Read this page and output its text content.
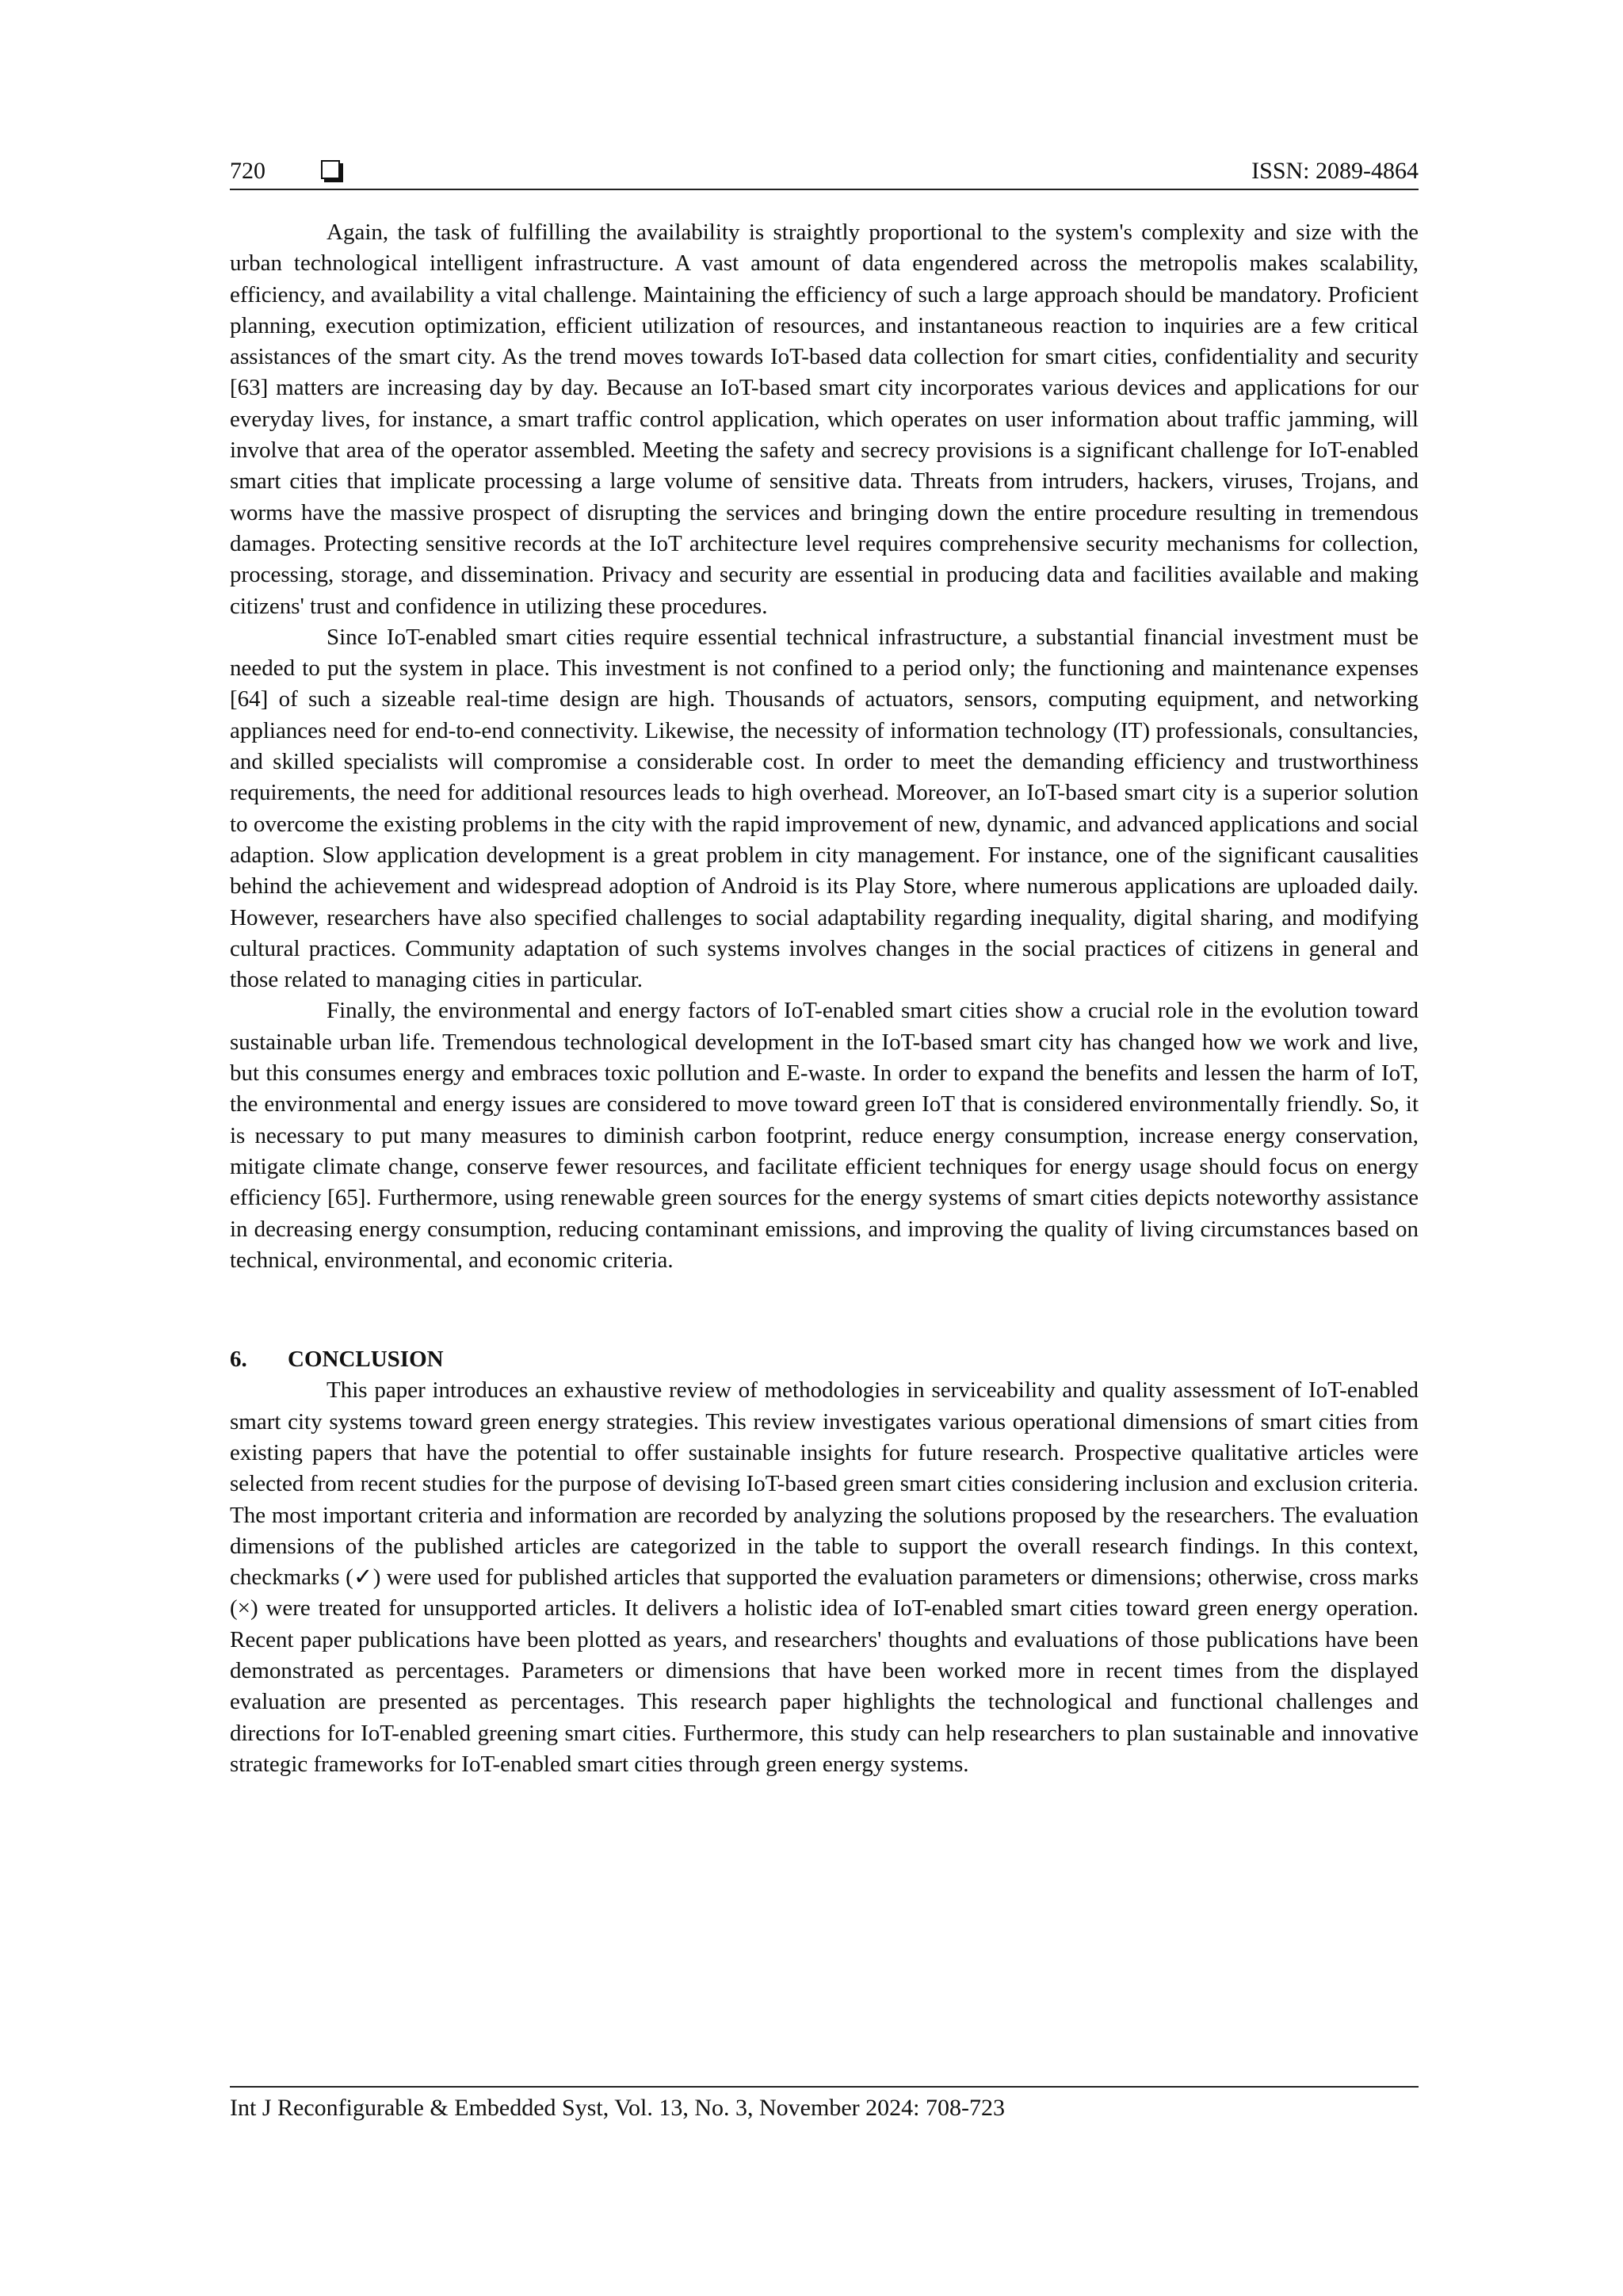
720	ISSN: 2089-4864

Again, the task of fulfilling the availability is straightly proportional to the system's complexity and size with the urban technological intelligent infrastructure. A vast amount of data engendered across the metropolis makes scalability, efficiency, and availability a vital challenge. Maintaining the efficiency of such a large approach should be mandatory. Proficient planning, execution optimization, efficient utilization of resources, and instantaneous reaction to inquiries are a few critical assistances of the smart city. As the trend moves towards IoT-based data collection for smart cities, confidentiality and security [63] matters are increasing day by day. Because an IoT-based smart city incorporates various devices and applications for our everyday lives, for instance, a smart traffic control application, which operates on user information about traffic jamming, will involve that area of the operator assembled. Meeting the safety and secrecy provisions is a significant challenge for IoT-enabled smart cities that implicate processing a large volume of sensitive data. Threats from intruders, hackers, viruses, Trojans, and worms have the massive prospect of disrupting the services and bringing down the entire procedure resulting in tremendous damages. Protecting sensitive records at the IoT architecture level requires comprehensive security mechanisms for collection, processing, storage, and dissemination. Privacy and security are essential in producing data and facilities available and making citizens' trust and confidence in utilizing these procedures.

Since IoT-enabled smart cities require essential technical infrastructure, a substantial financial investment must be needed to put the system in place. This investment is not confined to a period only; the functioning and maintenance expenses [64] of such a sizeable real-time design are high. Thousands of actuators, sensors, computing equipment, and networking appliances need for end-to-end connectivity. Likewise, the necessity of information technology (IT) professionals, consultancies, and skilled specialists will compromise a considerable cost. In order to meet the demanding efficiency and trustworthiness requirements, the need for additional resources leads to high overhead. Moreover, an IoT-based smart city is a superior solution to overcome the existing problems in the city with the rapid improvement of new, dynamic, and advanced applications and social adaption. Slow application development is a great problem in city management. For instance, one of the significant causalities behind the achievement and widespread adoption of Android is its Play Store, where numerous applications are uploaded daily. However, researchers have also specified challenges to social adaptability regarding inequality, digital sharing, and modifying cultural practices. Community adaptation of such systems involves changes in the social practices of citizens in general and those related to managing cities in particular.

Finally, the environmental and energy factors of IoT-enabled smart cities show a crucial role in the evolution toward sustainable urban life. Tremendous technological development in the IoT-based smart city has changed how we work and live, but this consumes energy and embraces toxic pollution and E-waste. In order to expand the benefits and lessen the harm of IoT, the environmental and energy issues are considered to move toward green IoT that is considered environmentally friendly. So, it is necessary to put many measures to diminish carbon footprint, reduce energy consumption, increase energy conservation, mitigate climate change, conserve fewer resources, and facilitate efficient techniques for energy usage should focus on energy efficiency [65]. Furthermore, using renewable green sources for the energy systems of smart cities depicts noteworthy assistance in decreasing energy consumption, reducing contaminant emissions, and improving the quality of living circumstances based on technical, environmental, and economic criteria.

6. CONCLUSION

This paper introduces an exhaustive review of methodologies in serviceability and quality assessment of IoT-enabled smart city systems toward green energy strategies. This review investigates various operational dimensions of smart cities from existing papers that have the potential to offer sustainable insights for future research. Prospective qualitative articles were selected from recent studies for the purpose of devising IoT-based green smart cities considering inclusion and exclusion criteria. The most important criteria and information are recorded by analyzing the solutions proposed by the researchers. The evaluation dimensions of the published articles are categorized in the table to support the overall research findings. In this context, checkmarks (✓) were used for published articles that supported the evaluation parameters or dimensions; otherwise, cross marks (×) were treated for unsupported articles. It delivers a holistic idea of IoT-enabled smart cities toward green energy operation. Recent paper publications have been plotted as years, and researchers' thoughts and evaluations of those publications have been demonstrated as percentages. Parameters or dimensions that have been worked more in recent times from the displayed evaluation are presented as percentages. This research paper highlights the technological and functional challenges and directions for IoT-enabled greening smart cities. Furthermore, this study can help researchers to plan sustainable and innovative strategic frameworks for IoT-enabled smart cities through green energy systems.

Int J Reconfigurable & Embedded Syst, Vol. 13, No. 3, November 2024: 708-723
